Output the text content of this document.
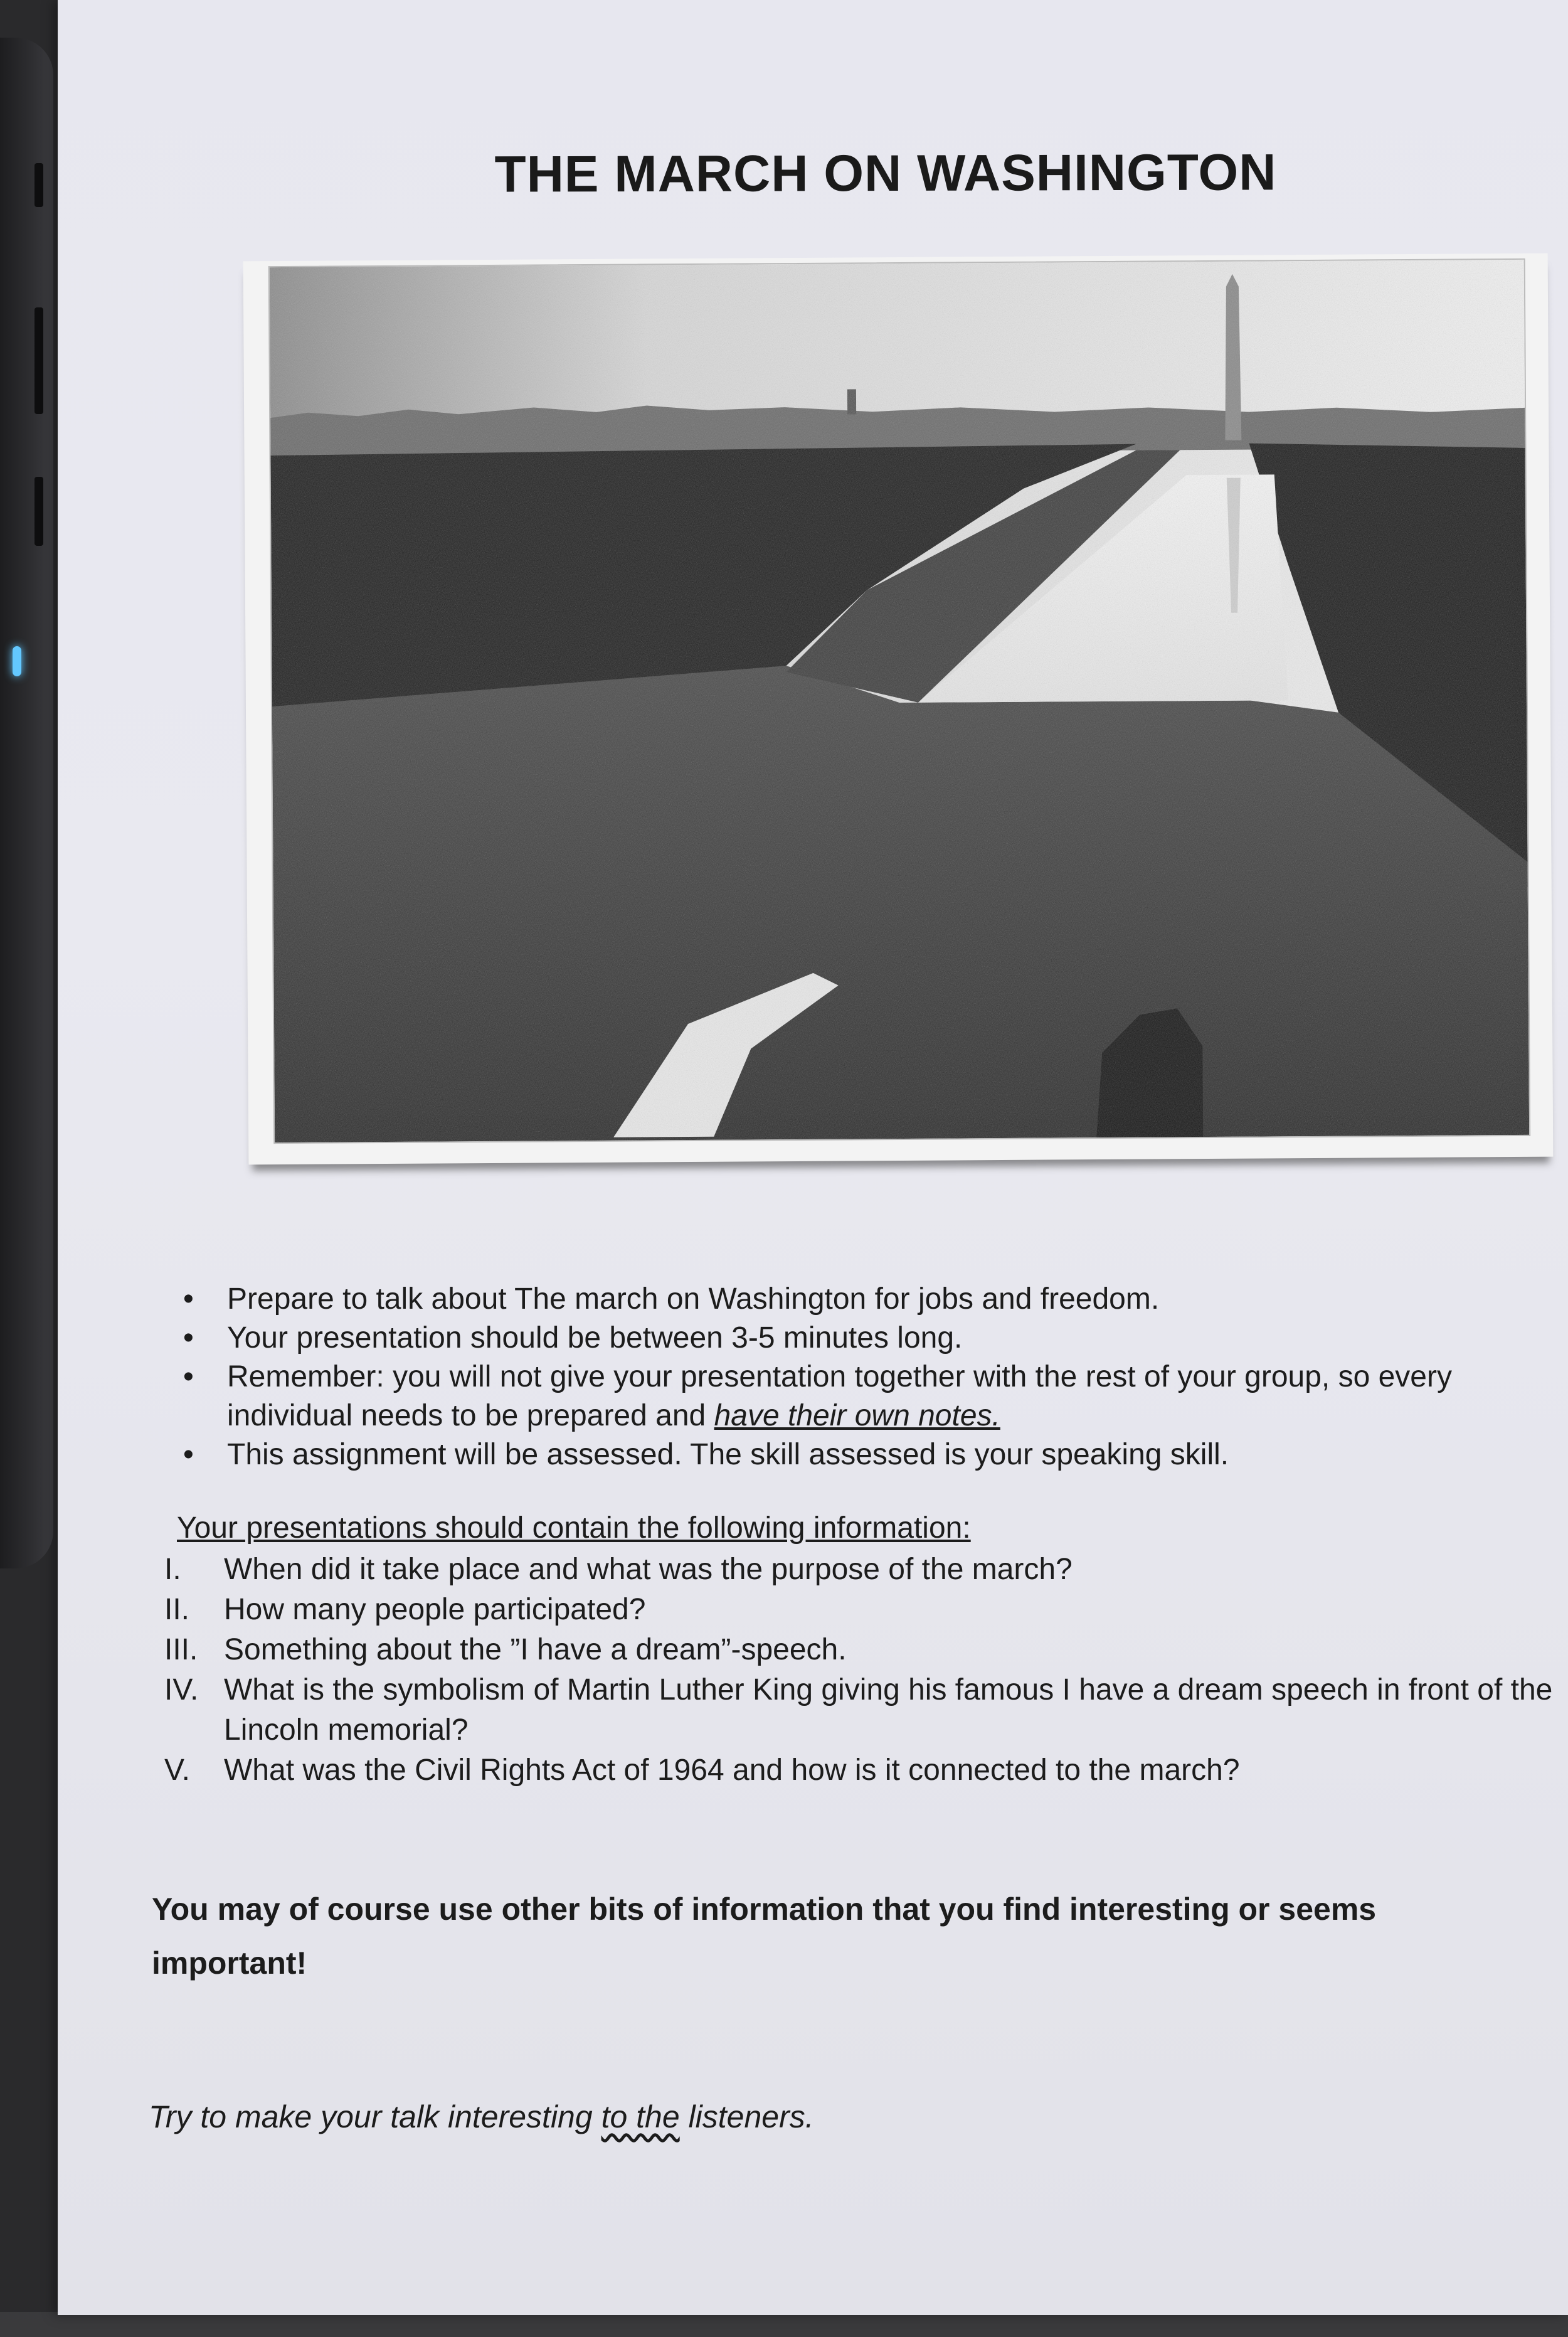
THE MARCH ON WASHINGTON
• Prepare to talk about The march on Washington for jobs and freedom.
• Your presentation should be between 3-5 minutes long.
• Remember: you will not give your presentation together with the rest of your group, so every individual needs to be prepared and have their own notes.
• This assignment will be assessed. The skill assessed is your speaking skill.
Your presentations should contain the following information:
I. When did it take place and what was the purpose of the march?
II. How many people participated?
III. Something about the ”I have a dream”-speech.
IV. What is the symbolism of Martin Luther King giving his famous I have a dream speech in front of the Lincoln memorial?
V. What was the Civil Rights Act of 1964 and how is it connected to the march?
You may of course use other bits of information that you find interesting or seems important!
Try to make your talk interesting to the listeners.
